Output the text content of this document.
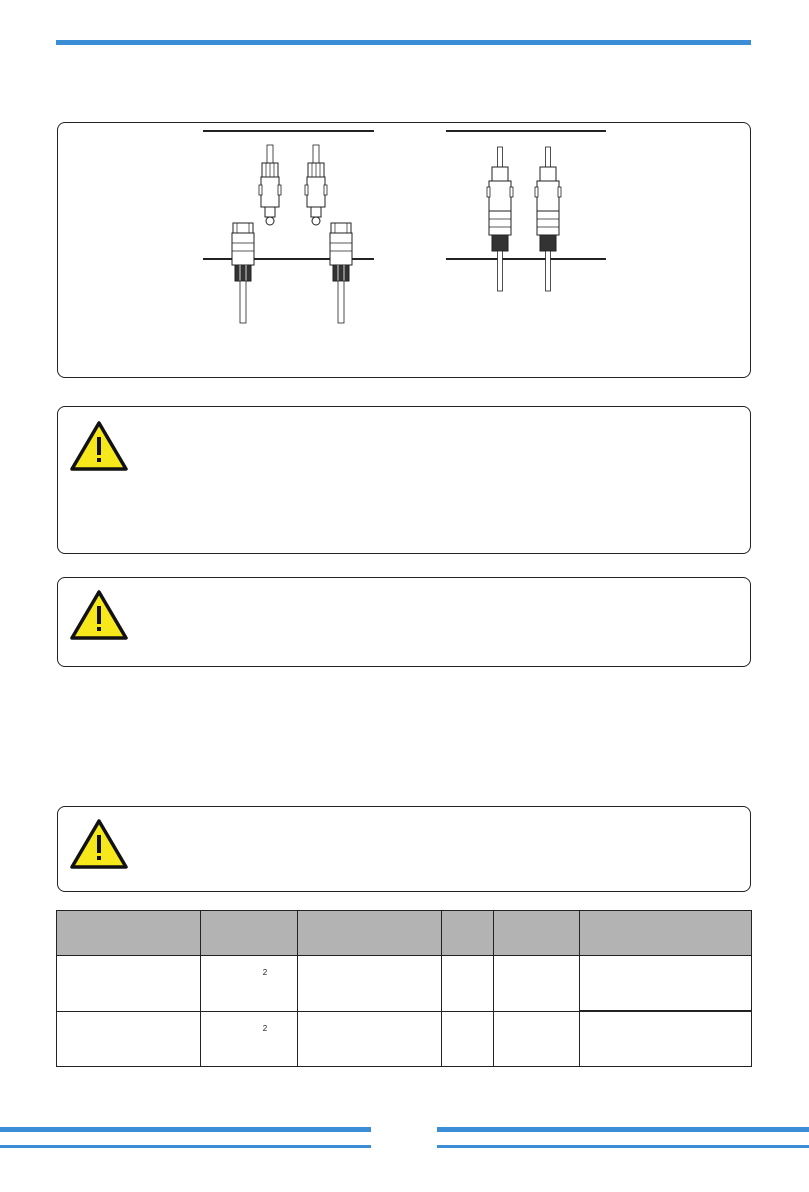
	2				
	2				
